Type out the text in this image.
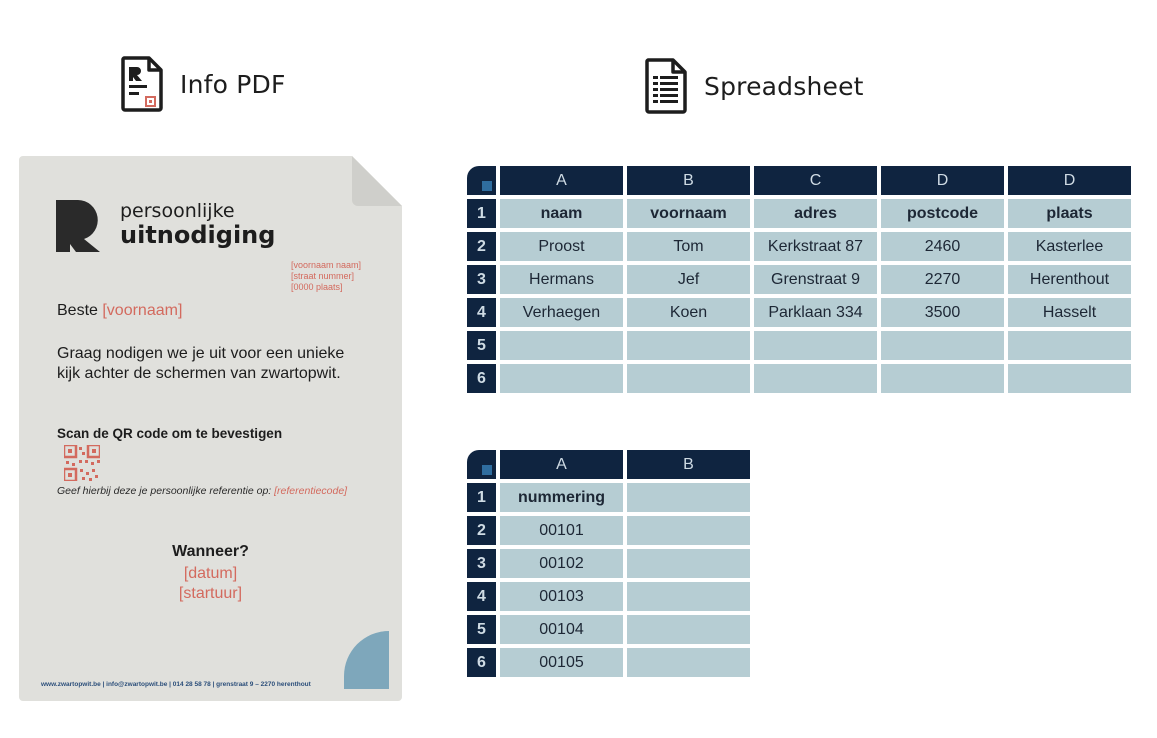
Info PDF	Spreadsheet
persoonlijke
uitnodiging
[voornaam naam]
[straat nummer]
[0000 plaats]
Beste [voornaam]
Graag nodigen we je uit voor een unieke kijk achter de schermen van zwartopwit.
Scan de QR code om te bevestigen
Geef hierbij deze je persoonlijke referentie op: [referentiecode]
Wanneer?
[datum]
[startuur]
www.zwartopwit.be | info@zwartopwit.be | 014 28 58 78 | grenstraat 9 – 2270 herenthout
A	B	C	D	D
1	naam	voornaam	adres	postcode	plaats
2	Proost	Tom	Kerkstraat 87	2460	Kasterlee
3	Hermans	Jef	Grenstraat 9	2270	Herenthout
4	Verhaegen	Koen	Parklaan 334	3500	Hasselt
5
6
A	B
1	nummering
2	00101
3	00102
4	00103
5	00104
6	00105
